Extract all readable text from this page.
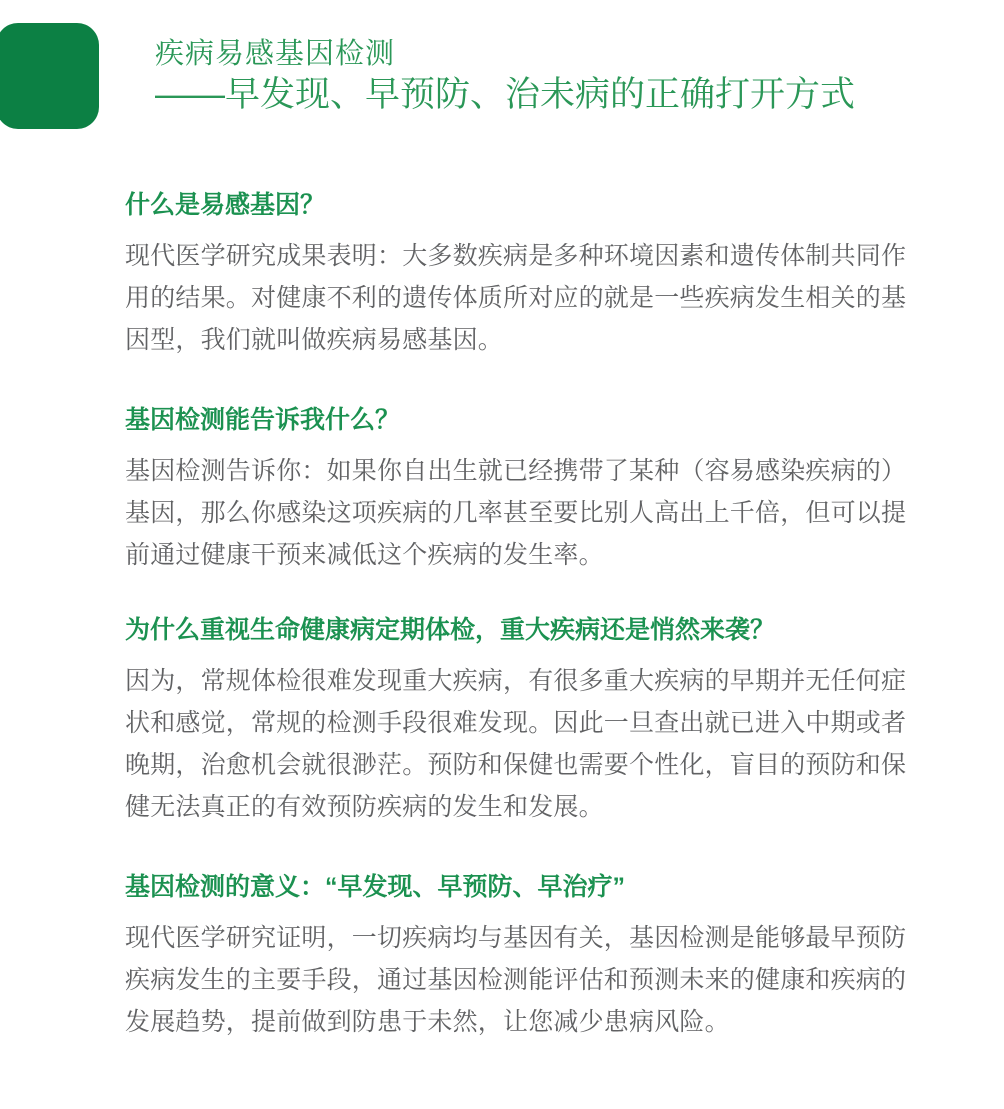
疾病易感基因检测
——早发现、早预防、治未病的正确打开方式
什么是易感基因？
现代医学研究成果表明：大多数疾病是多种环境因素和遗传体制共同作
用的结果。对健康不利的遗传体质所对应的就是一些疾病发生相关的基
因型，我们就叫做疾病易感基因。
基因检测能告诉我什么？
基因检测告诉你：如果你自出生就已经携带了某种（容易感染疾病的）
基因，那么你感染这项疾病的几率甚至要比别人高出上千倍，但可以提
前通过健康干预来减低这个疾病的发生率。
为什么重视生命健康病定期体检，重大疾病还是悄然来袭？
因为，常规体检很难发现重大疾病，有很多重大疾病的早期并无任何症
状和感觉，常规的检测手段很难发现。因此一旦查出就已进入中期或者
晚期，治愈机会就很渺茫。预防和保健也需要个性化，盲目的预防和保
健无法真正的有效预防疾病的发生和发展。
基因检测的意义：“早发现、早预防、早治疗”
现代医学研究证明，一切疾病均与基因有关，基因检测是能够最早预防
疾病发生的主要手段，通过基因检测能评估和预测未来的健康和疾病的
发展趋势，提前做到防患于未然，让您减少患病风险。
